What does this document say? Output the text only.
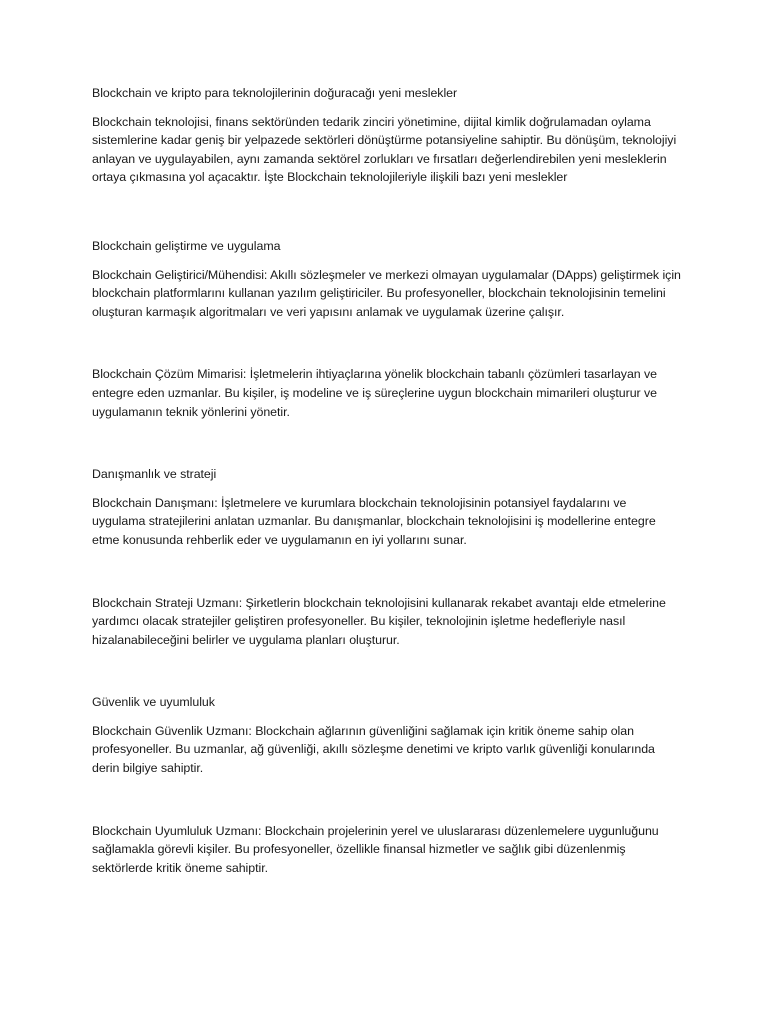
Blockchain ve kripto para teknolojilerinin doğuracağı yeni meslekler

Blockchain teknolojisi, finans sektöründen tedarik zinciri yönetimine, dijital kimlik doğrulamadan oylama sistemlerine kadar geniş bir yelpazede sektörleri dönüştürme potansiyeline sahiptir. Bu dönüşüm, teknolojiyi anlayan ve uygulayabilen, aynı zamanda sektörel zorlukları ve fırsatları değerlendirebilen yeni mesleklerin ortaya çıkmasına yol açacaktır. İşte Blockchain teknolojileriyle ilişkili bazı yeni meslekler

Blockchain geliştirme ve uygulama

Blockchain Geliştirici/Mühendisi: Akıllı sözleşmeler ve merkezi olmayan uygulamalar (DApps) geliştirmek için blockchain platformlarını kullanan yazılım geliştiriciler. Bu profesyoneller, blockchain teknolojisinin temelini oluşturan karmaşık algoritmaları ve veri yapısını anlamak ve uygulamak üzerine çalışır.

Blockchain Çözüm Mimarisi: İşletmelerin ihtiyaçlarına yönelik blockchain tabanlı çözümleri tasarlayan ve entegre eden uzmanlar. Bu kişiler, iş modeline ve iş süreçlerine uygun blockchain mimarileri oluşturur ve uygulamanın teknik yönlerini yönetir.

Danışmanlık ve strateji

Blockchain Danışmanı: İşletmelere ve kurumlara blockchain teknolojisinin potansiyel faydalarını ve uygulama stratejilerini anlatan uzmanlar. Bu danışmanlar, blockchain teknolojisini iş modellerine entegre etme konusunda rehberlik eder ve uygulamanın en iyi yollarını sunar.

Blockchain Strateji Uzmanı: Şirketlerin blockchain teknolojisini kullanarak rekabet avantajı elde etmelerine yardımcı olacak stratejiler geliştiren profesyoneller. Bu kişiler, teknolojinin işletme hedefleriyle nasıl hizalanabileceğini belirler ve uygulama planları oluşturur.

Güvenlik ve uyumluluk

Blockchain Güvenlik Uzmanı: Blockchain ağlarının güvenliğini sağlamak için kritik öneme sahip olan profesyoneller. Bu uzmanlar, ağ güvenliği, akıllı sözleşme denetimi ve kripto varlık güvenliği konularında derin bilgiye sahiptir.

Blockchain Uyumluluk Uzmanı: Blockchain projelerinin yerel ve uluslararası düzenlemelere uygunluğunu sağlamakla görevli kişiler. Bu profesyoneller, özellikle finansal hizmetler ve sağlık gibi düzenlenmiş sektörlerde kritik öneme sahiptir.
